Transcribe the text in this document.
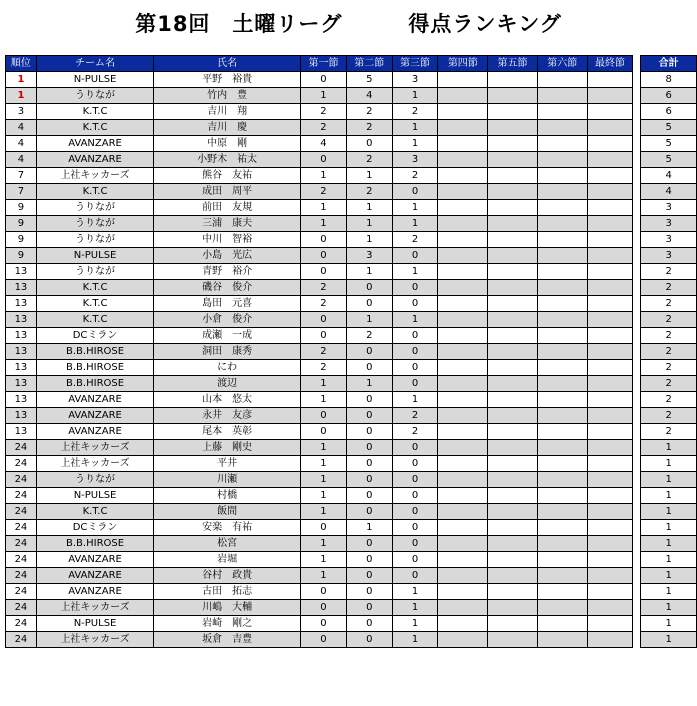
第18回　土曜リーグ　　　得点ランキング
順位	チーム名	氏名	第一節	第二節	第三節	第四節	第五節	第六節	最終節		合計
1	N-PULSE	平野　裕貴	0	5	3						8
1	うりなが	竹内　豊	1	4	1						6
3	K.T.C	吉川　翔	2	2	2						6
4	K.T.C	吉川　慶	2	2	1						5
4	AVANZARE	中原　剛	4	0	1						5
4	AVANZARE	小野木　祐太	0	2	3						5
7	上社キッカーズ	熊谷　友祐	1	1	2						4
7	K.T.C	成田　周平	2	2	0						4
9	うりなが	前田　友規	1	1	1						3
9	うりなが	三浦　康夫	1	1	1						3
9	うりなが	中川　智裕	0	1	2						3
9	N-PULSE	小島　光広	0	3	0						3
13	うりなが	青野　裕介	0	1	1						2
13	K.T.C	磯谷　俊介	2	0	0						2
13	K.T.C	島田　元喜	2	0	0						2
13	K.T.C	小倉　俊介	0	1	1						2
13	DCミラン	成瀬　一成	0	2	0						2
13	B.B.HIROSE	洞田　康秀	2	0	0						2
13	B.B.HIROSE	にわ	2	0	0						2
13	B.B.HIROSE	渡辺	1	1	0						2
13	AVANZARE	山本　悠太	1	0	1						2
13	AVANZARE	永井　友彦	0	0	2						2
13	AVANZARE	尾本　英彰	0	0	2						2
24	上社キッカーズ	上藤　剛史	1	0	0						1
24	上社キッカーズ	平井	1	0	0						1
24	うりなが	川瀬	1	0	0						1
24	N-PULSE	村橋	1	0	0						1
24	K.T.C	飯間	1	0	0						1
24	DCミラン	安楽　有祐	0	1	0						1
24	B.B.HIROSE	松宮	1	0	0						1
24	AVANZARE	岩堀	1	0	0						1
24	AVANZARE	谷村　政貴	1	0	0						1
24	AVANZARE	古田　拓志	0	0	1						1
24	上社キッカーズ	川嶋　大輔	0	0	1						1
24	N-PULSE	岩崎　剛之	0	0	1						1
24	上社キッカーズ	坂倉　吉豊	0	0	1						1
